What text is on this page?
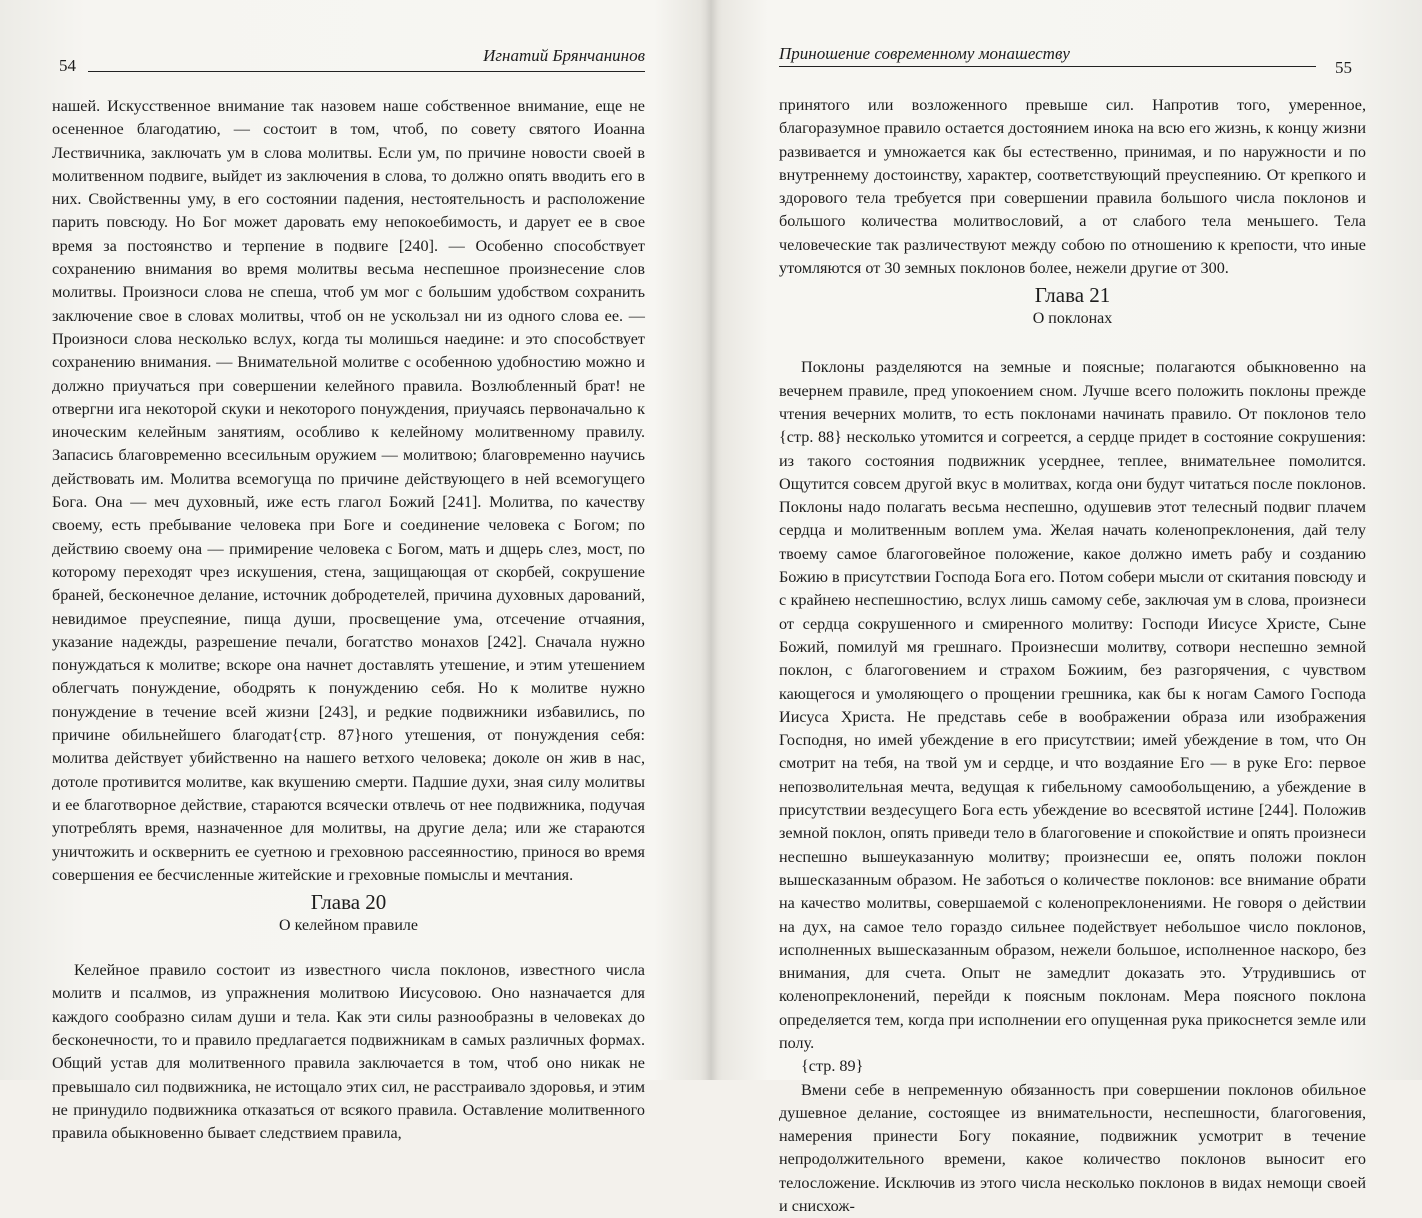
54
Игнатий Брянчанинов

нашей. Искусственное внимание так назовем наше собственное внимание, еще не осененное благодатию, — состоит в том, чтоб, по совету святого Иоанна Лествичника, заключать ум в слова молитвы. Если ум, по причине новости своей в молитвенном подвиге, выйдет из заключения в слова, то должно опять вводить его в них. Свойственны уму, в его состоянии падения, нестоятельность и расположение парить повсюду. Но Бог может даровать ему непокоебимость, и дарует ее в свое время за постоянство и терпение в подвиге [240]. — Особенно способствует сохранению внимания во время молитвы весьма неспешное произнесение слов молитвы. Произноси слова не спеша, чтоб ум мог с большим удобством сохранить заключение свое в словах молитвы, чтоб он не ускользал ни из одного слова ее. — Произноси слова несколько вслух, когда ты молишься наедине: и это способствует сохранению внимания. — Внимательной молитве с особенною удобностию можно и должно приучаться при совершении келейного правила. Возлюбленный брат! не отвергни ига некоторой скуки и некоторого понуждения, приучаясь первоначально к иноческим келейным занятиям, особливо к келейному молитвенному правилу. Запасись благовременно всесильным оружием — молитвою; благовременно научись действовать им. Молитва всемогуща по причине действующего в ней всемогущего Бога. Она — меч духовный, иже есть глагол Божий [241]. Молитва, по качеству своему, есть пребывание человека при Боге и соединение человека с Богом; по действию своему она — примирение человека с Богом, мать и дщерь слез, мост, по которому переходят чрез искушения, стена, защищающая от скорбей, сокрушение браней, бесконечное делание, источник добродетелей, причина духовных дарований, невидимое преуспеяние, пища души, просвещение ума, отсечение отчаяния, указание надежды, разрешение печали, богатство монахов [242]. Сначала нужно понуждаться к молитве; вскоре она начнет доставлять утешение, и этим утешением облегчать понуждение, ободрять к понуждению себя. Но к молитве нужно понуждение в течение всей жизни [243], и редкие подвижники избавились, по причине обильнейшего благодат{стр. 87}ного утешения, от понуждения себя: молитва действует убийственно на нашего ветхого человека; доколе он жив в нас, дотоле противится молитве, как вкушению смерти. Падшие духи, зная силу молитвы и ее благотворное действие, стараются всячески отвлечь от нее подвижника, подучая употреблять время, назначенное для молитвы, на другие дела; или же стараются уничтожить и осквернить ее суетною и греховною рассеянностию, принося во время совершения ее бесчисленные житейские и греховные помыслы и мечтания.

Глава 20
О келейном правиле

Келейное правило состоит из известного числа поклонов, известного числа молитв и псалмов, из упражнения молитвою Иисусовою. Оно назначается для каждого сообразно силам души и тела. Как эти силы разнообразны в человеках до бесконечности, то и правило предлагается подвижникам в самых различных формах. Общий устав для молитвенного правила заключается в том, чтоб оно никак не превышало сил подвижника, не истощало этих сил, не расстраивало здоровья, и этим не принудило подвижника отказаться от всякого правила. Оставление молитвенного правила обыкновенно бывает следствием правила,

Приношение современному монашеству
55

принятого или возложенного превыше сил. Напротив того, умеренное, благоразумное правило остается достоянием инока на всю его жизнь, к концу жизни развивается и умножается как бы естественно, принимая, и по наружности и по внутреннему достоинству, характер, соответствующий преуспеянию. От крепкого и здорового тела требуется при совершении правила большого числа поклонов и большого количества молитвословий, а от слабого тела меньшего. Тела человеческие так различествуют между собою по отношению к крепости, что иные утомляются от 30 земных поклонов более, нежели другие от 300.

Глава 21
О поклонах

Поклоны разделяются на земные и поясные; полагаются обыкновенно на вечернем правиле, пред упокоением сном. Лучше всего положить поклоны прежде чтения вечерних молитв, то есть поклонами начинать правило. От поклонов тело {стр. 88} несколько утомится и согреется, а сердце придет в состояние сокрушения: из такого состояния подвижник усерднее, теплее, внимательнее помолится. Ощутится совсем другой вкус в молитвах, когда они будут читаться после поклонов. Поклоны надо полагать весьма неспешно, одушевив этот телесный подвиг плачем сердца и молитвенным воплем ума. Желая начать коленопреклонения, дай телу твоему самое благоговейное положение, какое должно иметь рабу и созданию Божию в присутствии Господа Бога его. Потом собери мысли от скитания повсюду и с крайнею неспешностию, вслух лишь самому себе, заключая ум в слова, произнеси от сердца сокрушенного и смиренного молитву: Господи Иисусе Христе, Сыне Божий, помилуй мя грешнаго. Произнесши молитву, сотвори неспешно земной поклон, с благоговением и страхом Божиим, без разгорячения, с чувством кающегося и умоляющего о прощении грешника, как бы к ногам Самого Господа Иисуса Христа. Не представь себе в воображении образа или изображения Господня, но имей убеждение в его присутствии; имей убеждение в том, что Он смотрит на тебя, на твой ум и сердце, и что воздаяние Его — в руке Его: первое непозволительная мечта, ведущая к гибельному самообольщению, а убеждение в присутствии вездесущего Бога есть убеждение во всесвятой истине [244]. Положив земной поклон, опять приведи тело в благоговение и спокойствие и опять произнеси неспешно вышеуказанную молитву; произнесши ее, опять положи поклон вышесказанным образом. Не заботься о количестве поклонов: все внимание обрати на качество молитвы, совершаемой с коленопреклонениями. Не говоря о действии на дух, на самое тело гораздо сильнее подействует небольшое число поклонов, исполненных вышесказанным образом, нежели большое, исполненное наскоро, без внимания, для счета. Опыт не замедлит доказать это. Утрудившись от коленопреклонений, перейди к поясным поклонам. Мера поясного поклона определяется тем, когда при исполнении его опущенная рука прикоснется земле или полу.

{стр. 89}

Вмени себе в непременную обязанность при совершении поклонов обильное душевное делание, состоящее из внимательности, неспешности, благоговения, намерения принести Богу покаяние, подвижник усмотрит в течение непродолжительного времени, какое количество поклонов выносит его телосложение. Исключив из этого числа несколько поклонов в видах немощи своей и снисхож-
